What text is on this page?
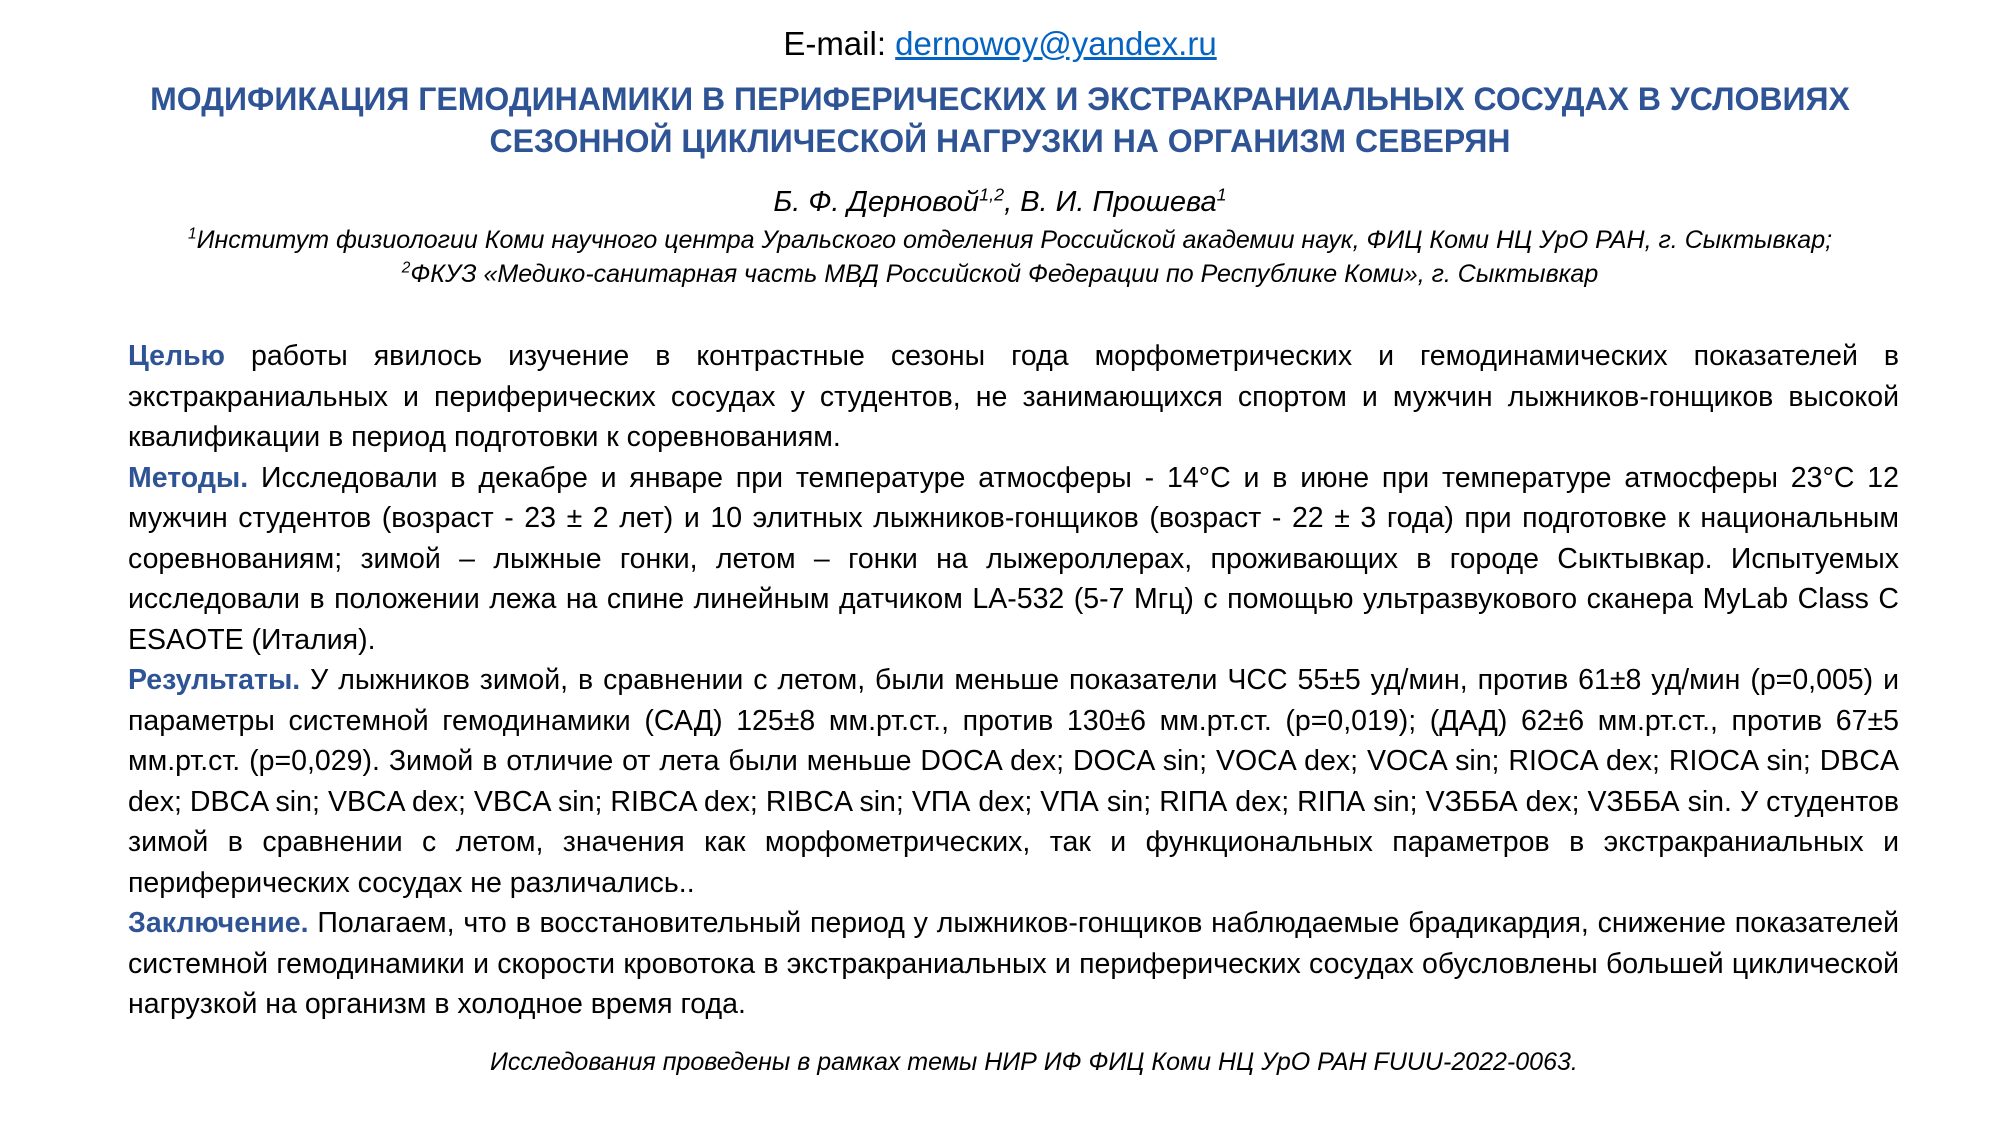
E-mail: dernowoy@yandex.ru
МОДИФИКАЦИЯ ГЕМОДИНАМИКИ В ПЕРИФЕРИЧЕСКИХ И ЭКСТРАКРАНИАЛЬНЫХ СОСУДАХ В УСЛОВИЯХ
СЕЗОННОЙ ЦИКЛИЧЕСКОЙ НАГРУЗКИ НА ОРГАНИЗМ СЕВЕРЯН
Б. Ф. Дерновой$^{1,2}$, В. И. Прошева$^1$
$^1$Институт физиологии Коми научного центра Уральского отделения Российской академии наук, ФИЦ Коми НЦ УрО РАН, г. Сыктывкар;
$^2$ФКУЗ «Медико-санитарная часть МВД Российской Федерации по Республике Коми», г. Сыктывкар

Целью работы явилось изучение в контрастные сезоны года морфометрических и гемодинамических показателей в экстракраниальных и периферических сосудах у студентов, не занимающихся спортом и мужчин лыжников-гонщиков высокой квалификации в период подготовки к соревнованиям.

Методы. Исследовали в декабре и январе при температуре атмосферы - 14°С и в июне при температуре атмосферы 23°С 12 мужчин студентов (возраст - 23 ± 2 лет) и 10 элитных лыжников-гонщиков (возраст - 22 ± 3 года) при подготовке к национальным соревнованиям; зимой – лыжные гонки, летом – гонки на лыжероллерах, проживающих в городе Сыктывкар. Испытуемых исследовали в положении лежа на спине линейным датчиком LA-532 (5-7 Мгц) с помощью ультразвукового сканера MyLab Class C ESAOTE (Италия).

Результаты. У лыжников зимой, в сравнении с летом, были меньше показатели ЧСС 55±5 уд/мин, против 61±8 уд/мин (р=0,005) и параметры системной гемодинамики (САД) 125±8 мм.рт.ст., против 130±6 мм.рт.ст. (р=0,019); (ДАД) 62±6 мм.рт.ст., против 67±5 мм.рт.ст. (р=0,029). Зимой в отличие от лета были меньше DOCA dex; DOCA sin; VOCA dex; VOCA sin; RIOCA dex; RIOCA sin; DBCA dex; DBCA sin; VBCA dex; VBCA sin; RIBCA dex; RIBCA sin; VПА dex; VПА sin; RIПА dex; RIПА sin; VЗББА dex; VЗББА sin. У студентов зимой в сравнении с летом, значения как морфометрических, так и функциональных параметров в экстракраниальных и периферических сосудах не различались..

Заключение. Полагаем, что в восстановительный период у лыжников-гонщиков наблюдаемые брадикардия, снижение показателей системной гемодинамики и скорости кровотока в экстракраниальных и периферических сосудах обусловлены большей циклической нагрузкой на организм в холодное время года.

Исследования проведены в рамках темы НИР ИФ ФИЦ Коми НЦ УрО РАН FUUU-2022-0063.
